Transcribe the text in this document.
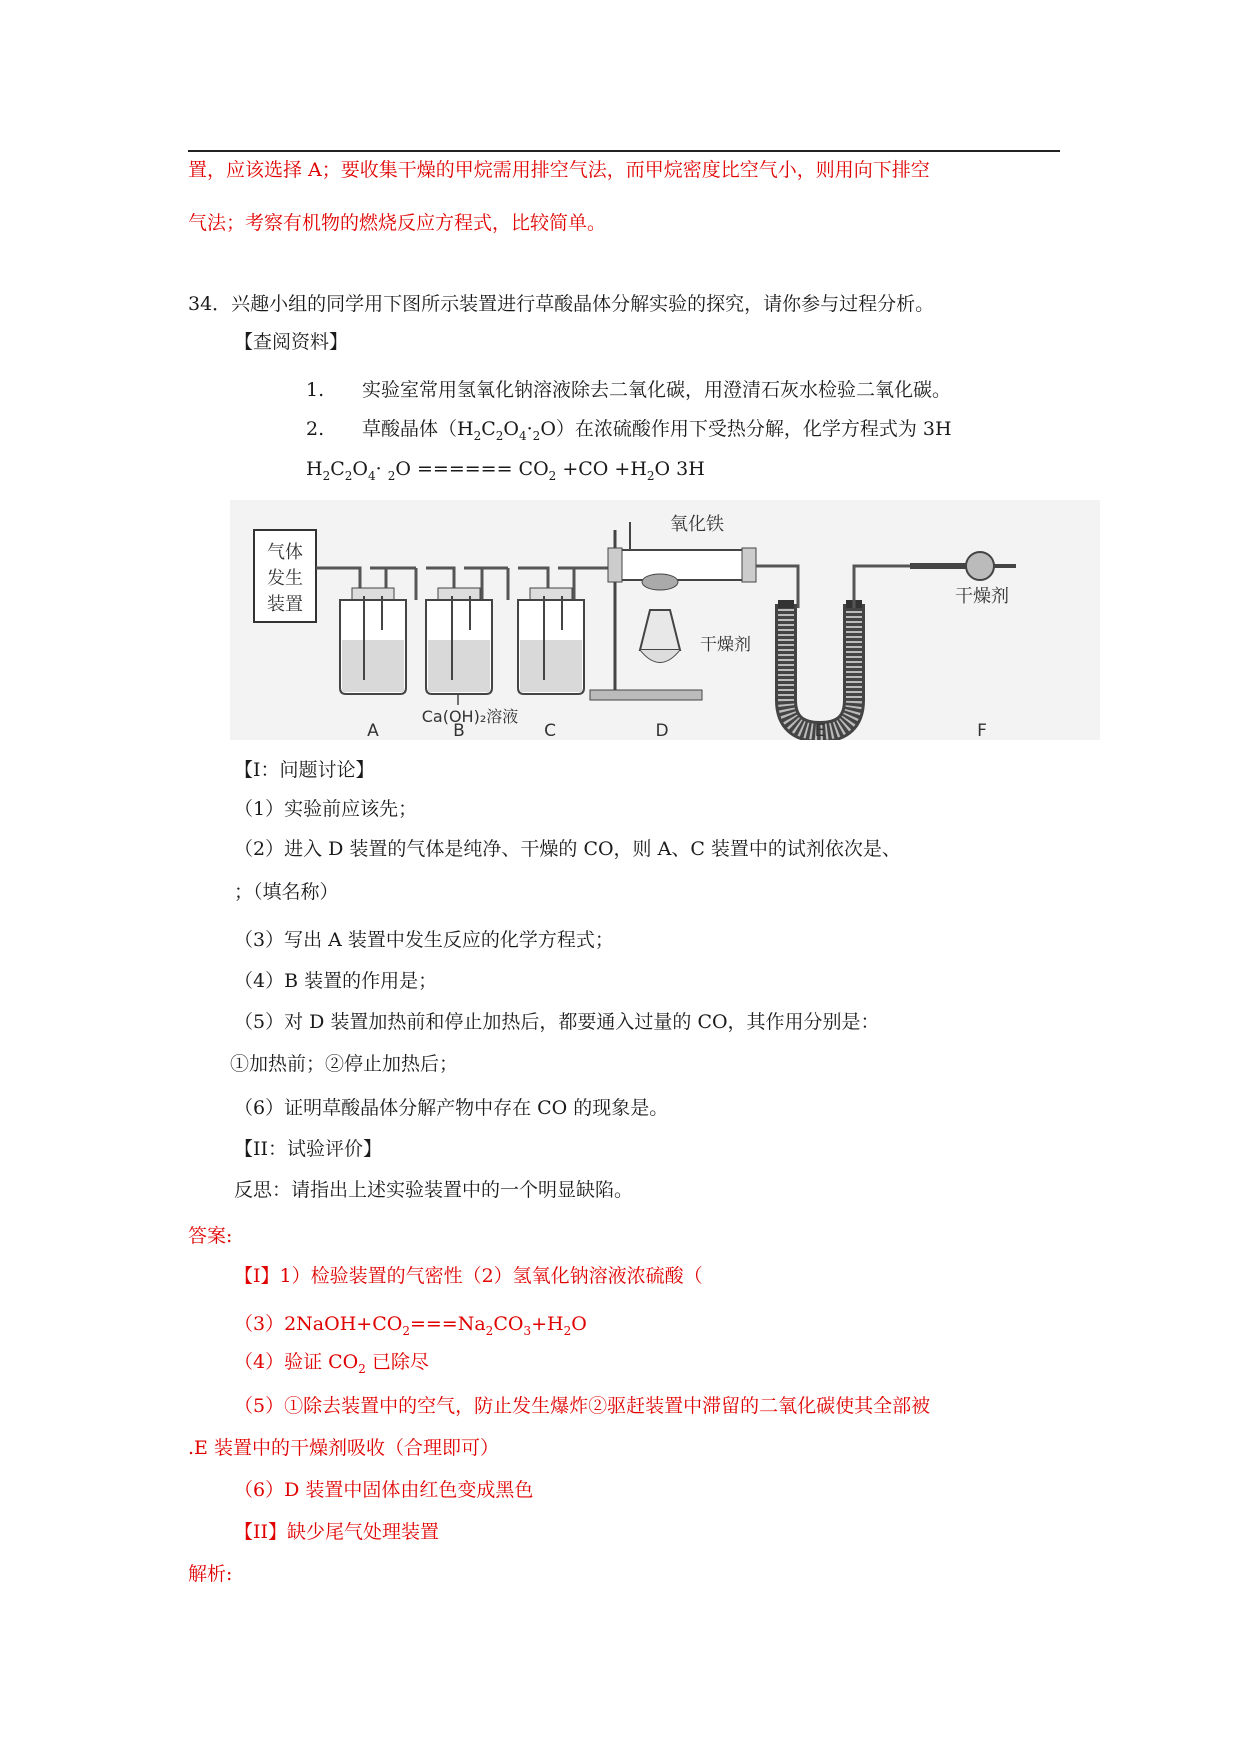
置，应该选择 A；要收集干燥的甲烷需用排空气法，而甲烷密度比空气小，则用向下排空
气法；考察有机物的燃烧反应方程式，比较简单。
34．兴趣小组的同学用下图所示装置进行草酸晶体分解实验的探究，请你参与过程分析。
【查阅资料】
1. 实验室常用氢氧化钠溶液除去二氧化碳，用澄清石灰水检验二氧化碳。
2. 草酸晶体$(H_2C_2O_4\cdot_2O)$在浓硫酸作用下受热分解，化学方程式为 3H
$H_2C_2O_4\cdot _2O$ ====== $CO_2 +CO +H_2O$ 3H
气体
发生
装置
Ca(OH)₂溶液
氧化铁
干燥剂
干燥剂
A	B	C	D	E	F
【I：问题讨论】
（1）实验前应该先；
（2）进入 D 装置的气体是纯净、干燥的 CO，则 A、C 装置中的试剂依次是、
；（填名称）
（3）写出 A 装置中发生反应的化学方程式；
（4）B 装置的作用是；
（5）对 D 装置加热前和停止加热后，都要通入过量的 CO，其作用分别是：
①加热前；②停止加热后；
（6）证明草酸晶体分解产物中存在 CO 的现象是。
【II：试验评价】
反思：请指出上述实验装置中的一个明显缺陷。
答案:
【I】1）检验装置的气密性（2）氢氧化钠溶液浓硫酸（
$(3)2NaOH+CO_2===Na_2CO_3+H_2O$
（4）验证 $CO_2$ 已除尽
（5）①除去装置中的空气，防止发生爆炸②驱赶装置中滞留的二氧化碳使其全部被
.E 装置中的干燥剂吸收（合理即可）
（6）D 装置中固体由红色变成黑色
【II】缺少尾气处理装置
解析:
